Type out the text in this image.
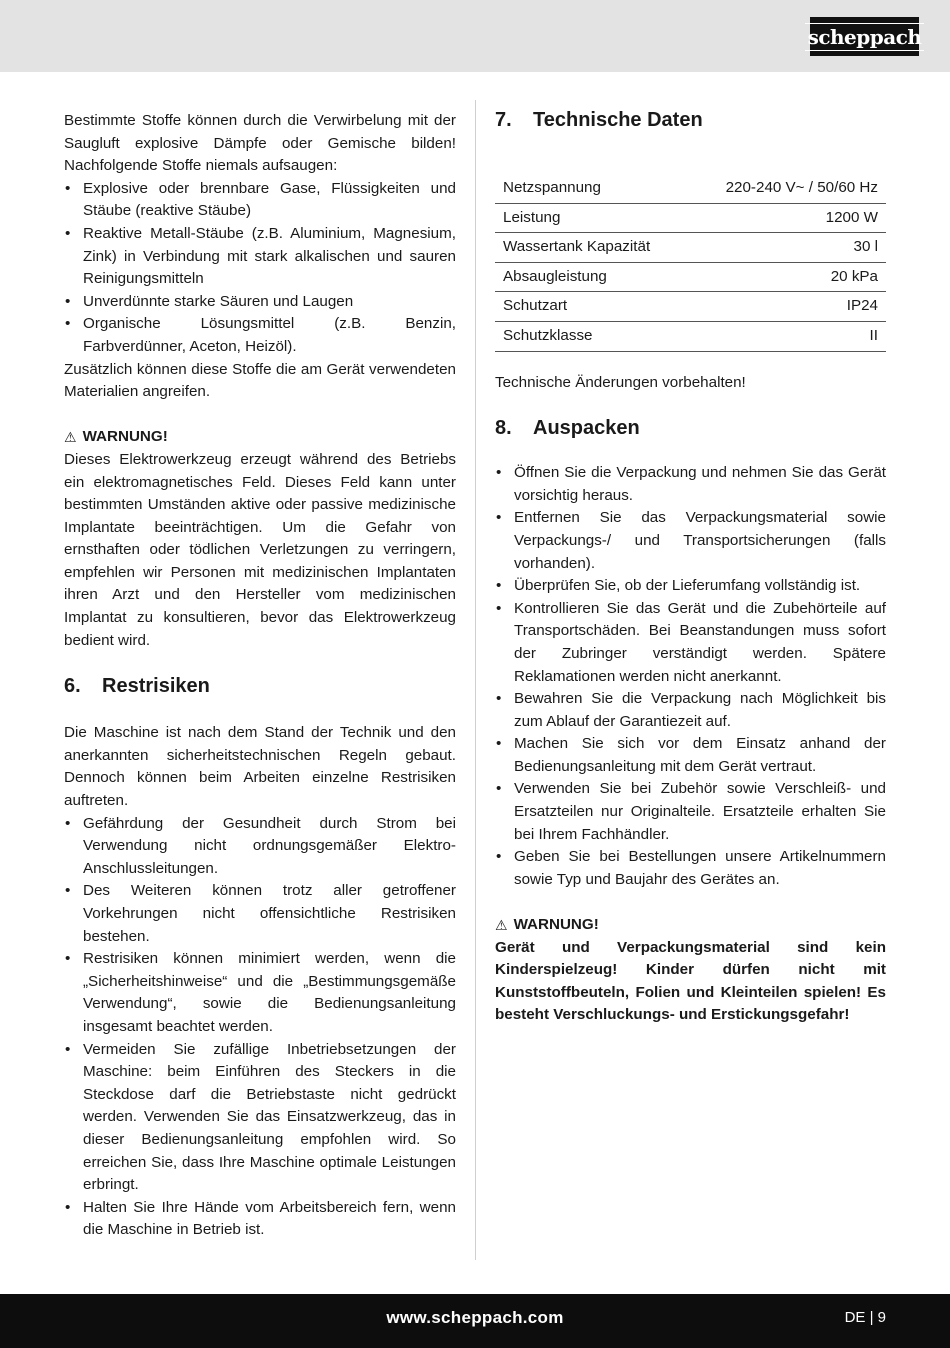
scheppach

Bestimmte Stoffe können durch die Verwirbelung mit der Saugluft explosive Dämpfe oder Gemische bilden! Nachfolgende Stoffe niemals aufsaugen:

• Explosive oder brennbare Gase, Flüssigkeiten und Stäube (reaktive Stäube)
• Reaktive Metall-Stäube (z.B. Aluminium, Magnesium, Zink) in Verbindung mit stark alkalischen und sauren Reinigungsmitteln
• Unverdünnte starke Säuren und Laugen
• Organische Lösungsmittel (z.B. Benzin, Farbverdünner, Aceton, Heizöl).

Zusätzlich können diese Stoffe die am Gerät verwendeten Materialien angreifen.

⚠ WARNUNG!

Dieses Elektrowerkzeug erzeugt während des Betriebs ein elektromagnetisches Feld. Dieses Feld kann unter bestimmten Umständen aktive oder passive medizinische Implantate beeinträchtigen. Um die Gefahr von ernsthaften oder tödlichen Verletzungen zu verringern, empfehlen wir Personen mit medizinischen Implantaten ihren Arzt und den Hersteller vom medizinischen Implantat zu konsultieren, bevor das Elektrowerkzeug bedient wird.

6.	Restrisiken

Die Maschine ist nach dem Stand der Technik und den anerkannten sicherheitstechnischen Regeln gebaut. Dennoch können beim Arbeiten einzelne Restrisiken auftreten.

• Gefährdung der Gesundheit durch Strom bei Verwendung nicht ordnungsgemäßer Elektro-Anschlussleitungen.
• Des Weiteren können trotz aller getroffener Vorkehrungen nicht offensichtliche Restrisiken bestehen.
• Restrisiken können minimiert werden, wenn die „Sicherheitshinweise“ und die „Bestimmungsgemäße Verwendung“, sowie die Bedienungsanleitung insgesamt beachtet werden.
• Vermeiden Sie zufällige Inbetriebsetzungen der Maschine: beim Einführen des Steckers in die Steckdose darf die Betriebstaste nicht gedrückt werden. Verwenden Sie das Einsatzwerkzeug, das in dieser Bedienungsanleitung empfohlen wird. So erreichen Sie, dass Ihre Maschine optimale Leistungen erbringt.
• Halten Sie Ihre Hände vom Arbeitsbereich fern, wenn die Maschine in Betrieb ist.
7.	Technische Daten
Netzspannung	220-240 V~ / 50/60 Hz
Leistung	1200 W
Wassertank Kapazität	30 l
Absaugleistung	20 kPa
Schutzart	IP24
Schutzklasse	II

Technische Änderungen vorbehalten!

8.	Auspacken
• Öffnen Sie die Verpackung und nehmen Sie das Gerät vorsichtig heraus.
• Entfernen Sie das Verpackungsmaterial sowie Verpackungs-/ und Transportsicherungen (falls vorhanden).
• Überprüfen Sie, ob der Lieferumfang vollständig ist.
• Kontrollieren Sie das Gerät und die Zubehörteile auf Transportschäden. Bei Beanstandungen muss sofort der Zubringer verständigt werden. Spätere Reklamationen werden nicht anerkannt.
• Bewahren Sie die Verpackung nach Möglichkeit bis zum Ablauf der Garantiezeit auf.
• Machen Sie sich vor dem Einsatz anhand der Bedienungsanleitung mit dem Gerät vertraut.
• Verwenden Sie bei Zubehör sowie Verschleiß- und Ersatzteilen nur Originalteile. Ersatzteile erhalten Sie bei Ihrem Fachhändler.
• Geben Sie bei Bestellungen unsere Artikelnummern sowie Typ und Baujahr des Gerätes an.
⚠ WARNUNG!

Gerät und Verpackungsmaterial sind kein Kinderspielzeug! Kinder dürfen nicht mit Kunststoffbeuteln, Folien und Kleinteilen spielen! Es besteht Verschluckungs- und Erstickungsgefahr!

www.scheppach.com	DE | 9
